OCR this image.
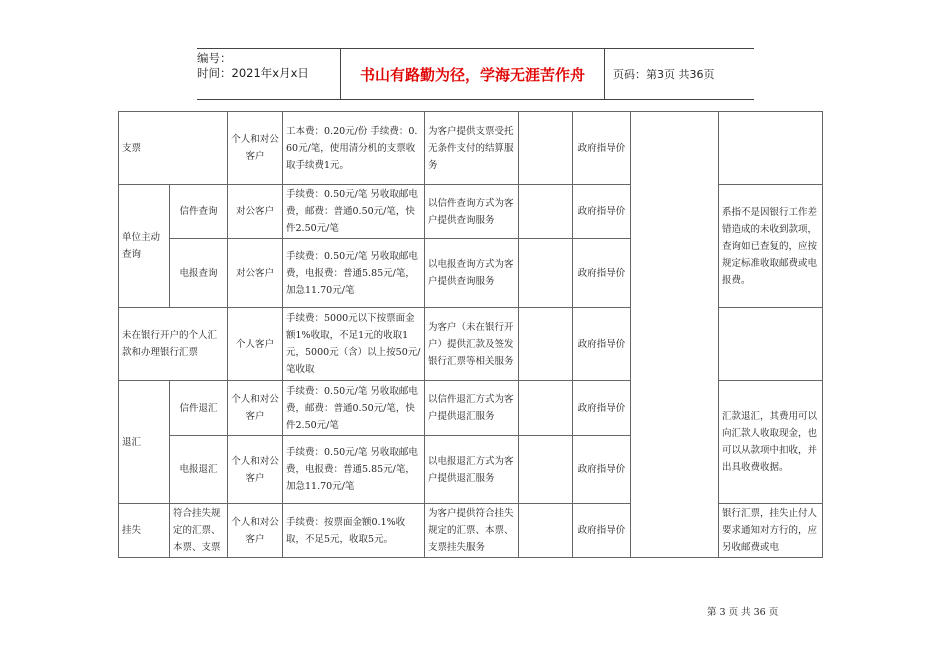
编号：
时间：2021年x月x日	书山有路勤为径，学海无涯苦作舟	页码：第3页 共36页
支票		个人和对公客户	工本费：0.20元/份 手续费：0.60元/笔，使用清分机的支票收取手续费1元。	为客户提供支票受托无条件支付的结算服务		政府指导价		
单位主动查询	信件查询	对公客户	手续费：0.50元/笔 另收取邮电费，邮费：普通0.50元/笔，快件2.50元/笔	以信件查询方式为客户提供查询服务		政府指导价		系指不是因银行工作差错造成的未收到款项，查询如已查复的，应按规定标准收取邮费或电报费。
	电报查询	对公客户	手续费：0.50元/笔 另收取邮电费，电报费：普通5.85元/笔，加急11.70元/笔	以电报查询方式为客户提供查询服务		政府指导价		
未在银行开户的个人汇款和办理银行汇票		个人客户	手续费：5000元以下按票面金额1%收取，不足1元的收取1元，5000元（含）以上按50元/笔收取	为客户（未在银行开户）提供汇款及签发银行汇票等相关服务		政府指导价		
退汇	信件退汇	个人和对公客户	手续费：0.50元/笔 另收取邮电费，邮费：普通0.50元/笔，快件2.50元/笔	以信件退汇方式为客户提供退汇服务		政府指导价		汇款退汇，其费用可以向汇款人收取现金，也可以从款项中扣收，并出具收费收据。
	电报退汇	个人和对公客户	手续费：0.50元/笔 另收取邮电费，电报费：普通5.85元/笔，加急11.70元/笔	以电报退汇方式为客户提供退汇服务		政府指导价		
挂失	符合挂失规定的汇票、本票、支票	个人和对公客户	手续费：按票面金额0.1%收取，不足5元，收取5元。	为客户提供符合挂失规定的汇票、本票、支票挂失服务		政府指导价		银行汇票，挂失止付人要求通知对方行的，应另收邮费或电
第 3 页 共 36 页
